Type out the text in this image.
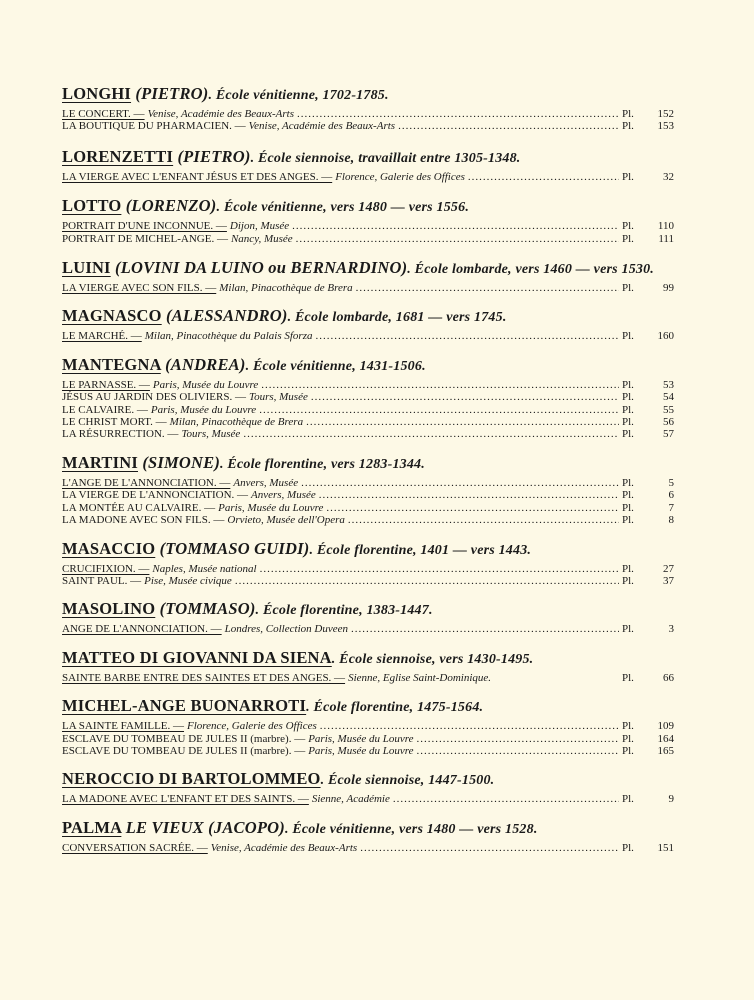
LONGHI (PIETRO). École vénitienne, 1702-1785.
LE CONCERT. — Venise, Académie des Beaux-Arts .....	Pl.	152
LA BOUTIQUE DU PHARMACIEN. — Venise, Académie des Beaux-Arts .....	Pl.	153
LORENZETTI (PIETRO). École siennoise, travaillait entre 1305-1348.
LA VIERGE AVEC L'ENFANT JÉSUS ET DES ANGES. — Florence, Galerie des Offices .....	Pl.	32
LOTTO (LORENZO). École vénitienne, vers 1480 — vers 1556.
PORTRAIT D'UNE INCONNUE. — Dijon, Musée .....	Pl.	110
PORTRAIT DE MICHEL-ANGE. — Nancy, Musée .....	Pl.	111
LUINI (LOVINI DA LUINO ou BERNARDINO). École lombarde, vers 1460 — vers 1530.
LA VIERGE AVEC SON FILS. — Milan, Pinacothèque de Brera .....	Pl.	99
MAGNASCO (ALESSANDRO). École lombarde, 1681 — vers 1745.
LE MARCHÉ. — Milan, Pinacothèque du Palais Sforza .....	Pl.	160
MANTEGNA (ANDREA). École vénitienne, 1431-1506.
LE PARNASSE. — Paris, Musée du Louvre .....	Pl.	53
JÉSUS AU JARDIN DES OLIVIERS. — Tours, Musée .....	Pl.	54
LE CALVAIRE. — Paris, Musée du Louvre .....	Pl.	55
LE CHRIST MORT. — Milan, Pinacothèque de Brera .....	Pl.	56
LA RÉSURRECTION. — Tours, Musée .....	Pl.	57
MARTINI (SIMONE). École florentine, vers 1283-1344.
L'ANGE DE L'ANNONCIATION. — Anvers, Musée .....	Pl.	5
LA VIERGE DE L'ANNONCIATION. — Anvers, Musée .....	Pl.	6
LA MONTÉE AU CALVAIRE. — Paris, Musée du Louvre .....	Pl.	7
LA MADONE AVEC SON FILS. — Orvieto, Musée dell'Opera .....	Pl.	8
MASACCIO (TOMMASO GUIDI). École florentine, 1401 — vers 1443.
CRUCIFIXION. — Naples, Musée national .....	Pl.	27
SAINT PAUL. — Pise, Musée civique .....	Pl.	37
MASOLINO (TOMMASO). École florentine, 1383-1447.
ANGE DE L'ANNONCIATION. — Londres, Collection Duveen .....	Pl.	3
MATTEO DI GIOVANNI DA SIENA. École siennoise, vers 1430-1495.
SAINTE BARBE ENTRE DES SAINTES ET DES ANGES. — Sienne, Eglise Saint-Dominique.	Pl.	66
MICHEL-ANGE BUONARROTI. École florentine, 1475-1564.
LA SAINTE FAMILLE. — Florence, Galerie des Offices .....	Pl.	109
ESCLAVE DU TOMBEAU DE JULES II (marbre). — Paris, Musée du Louvre .....	Pl.	164
ESCLAVE DU TOMBEAU DE JULES II (marbre). — Paris, Musée du Louvre .....	Pl.	165
NEROCCIO DI BARTOLOMMEO. École siennoise, 1447-1500.
LA MADONE AVEC L'ENFANT ET DES SAINTS. — Sienne, Académie .....	Pl.	9
PALMA LE VIEUX (JACOPO). École vénitienne, vers 1480 — vers 1528.
CONVERSATION SACRÉE. — Venise, Académie des Beaux-Arts .....	Pl.	151
